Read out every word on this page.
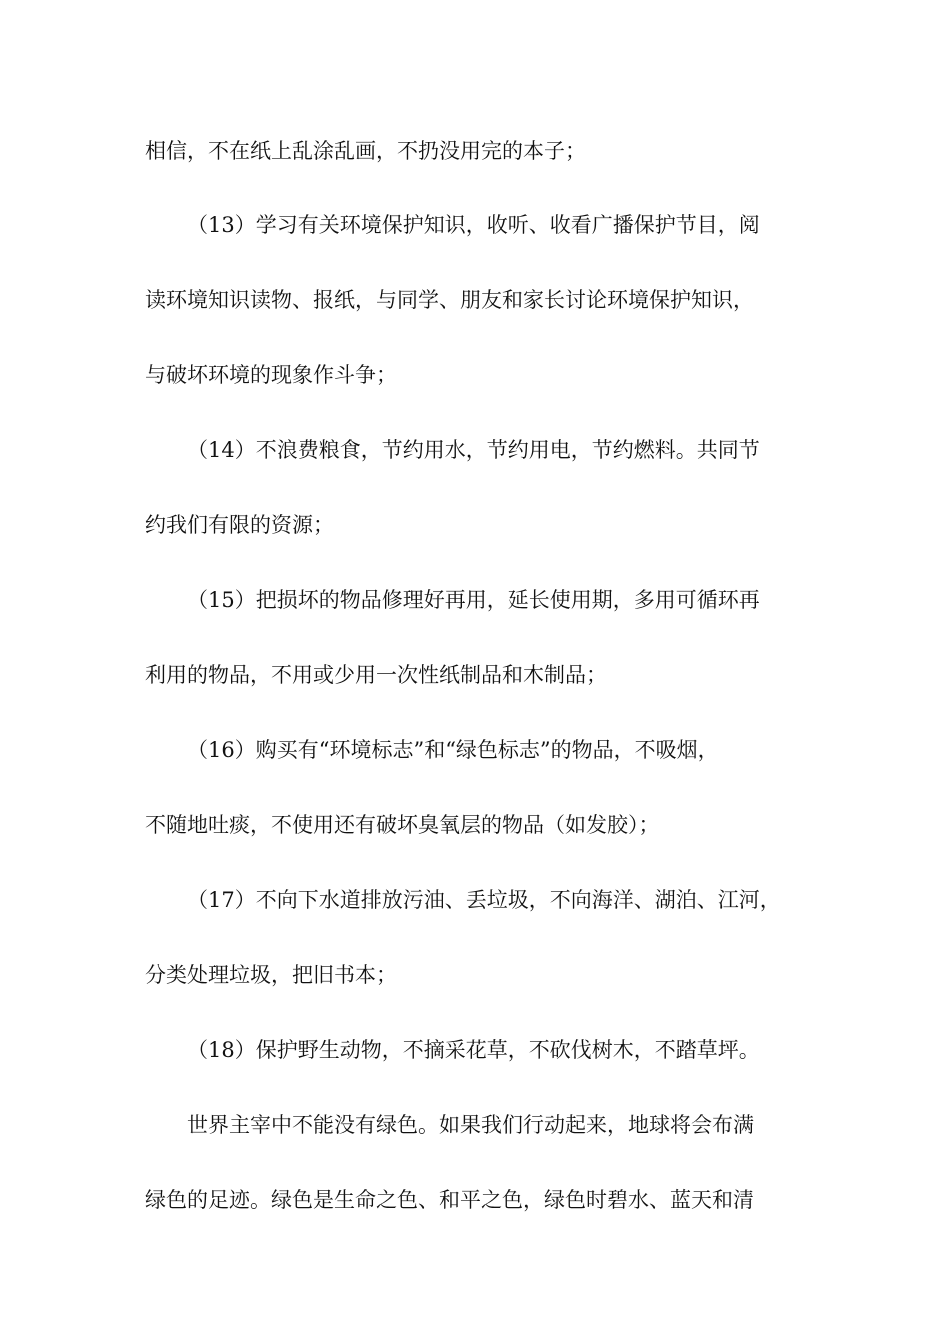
相信，不在纸上乱涂乱画，不扔没用完的本子；
（13）学习有关环境保护知识，收听、收看广播保护节目，阅
读环境知识读物、报纸，与同学、朋友和家长讨论环境保护知识，
与破坏环境的现象作斗争；
（14）不浪费粮食，节约用水，节约用电，节约燃料。共同节
约我们有限的资源；
（15）把损坏的物品修理好再用，延长使用期，多用可循环再
利用的物品，不用或少用一次性纸制品和木制品；
（16）购买有“环境标志”和“绿色标志”的物品，不吸烟，
不随地吐痰，不使用还有破坏臭氧层的物品（如发胶）；
（17）不向下水道排放污油、丢垃圾，不向海洋、湖泊、江河，
分类处理垃圾，把旧书本；
（18）保护野生动物，不摘采花草，不砍伐树木，不踏草坪。
世界主宰中不能没有绿色。如果我们行动起来，地球将会布满
绿色的足迹。绿色是生命之色、和平之色，绿色时碧水、蓝天和清
